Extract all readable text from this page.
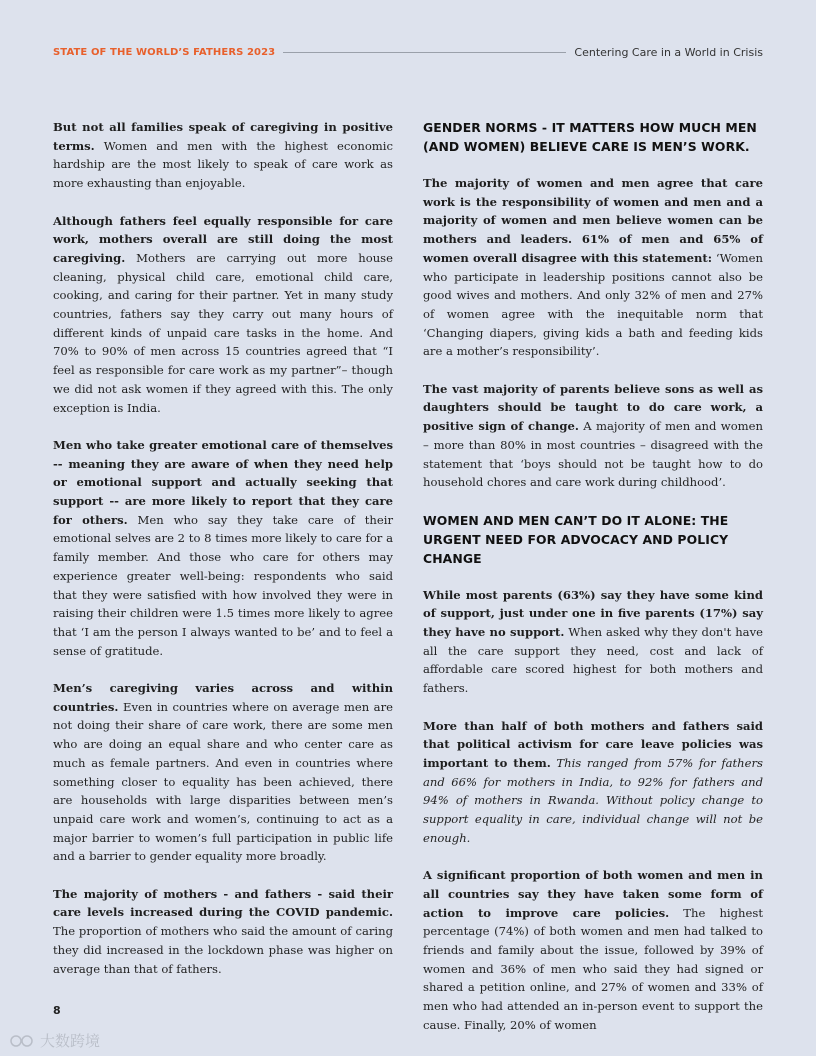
STATE OF THE WORLD’S FATHERS 2023	Centering Care in a World in Crisis

But not all families speak of caregiving in positive terms. Women and men with the highest economic hardship are the most likely to speak of care work as more exhausting than enjoyable.

Although fathers feel equally responsible for care work, mothers overall are still doing the most caregiving. Mothers are carrying out more house cleaning, physical child care, emotional child care, cooking, and caring for their partner. Yet in many study countries, fathers say they carry out many hours of different kinds of unpaid care tasks in the home. And 70% to 90% of men across 15 countries agreed that “I feel as responsible for care work as my partner”– though we did not ask women if they agreed with this. The only exception is India.

Men who take greater emotional care of themselves -- meaning they are aware of when they need help or emotional support and actually seeking that support -- are more likely to report that they care for others. Men who say they take care of their emotional selves are 2 to 8 times more likely to care for a family member. And those who care for others may experience greater well-being: respondents who said that they were satisfied with how involved they were in raising their children were 1.5 times more likely to agree that ‘I am the person I always wanted to be’ and to feel a sense of gratitude.

Men’s caregiving varies across and within countries. Even in countries where on average men are not doing their share of care work, there are some men who are doing an equal share and who center care as much as female partners. And even in countries where something closer to equality has been achieved, there are households with large disparities between men’s unpaid care work and women’s, continuing to act as a major barrier to women’s full participation in public life and a barrier to gender equality more broadly.

The majority of mothers - and fathers - said their care levels increased during the COVID pandemic. The proportion of mothers who said the amount of caring they did increased in the lockdown phase was higher on average than that of fathers.

GENDER NORMS - IT MATTERS HOW MUCH MEN (AND WOMEN) BELIEVE CARE IS MEN’S WORK.

The majority of women and men agree that care work is the responsibility of women and men and a majority of women and men believe women can be mothers and leaders. 61% of men and 65% of women overall disagree with this statement: ‘Women who participate in leadership positions cannot also be good wives and mothers. And only 32% of men and 27% of women agree with the inequitable norm that ‘Changing diapers, giving kids a bath and feeding kids are a mother’s responsibility’.

The vast majority of parents believe sons as well as daughters should be taught to do care work, a positive sign of change. A majority of men and women – more than 80% in most countries – disagreed with the statement that ‘boys should not be taught how to do household chores and care work during childhood’.

WOMEN AND MEN CAN’T DO IT ALONE: THE URGENT NEED FOR ADVOCACY AND POLICY CHANGE

While most parents (63%) say they have some kind of support, just under one in five parents (17%) say they have no support. When asked why they don't have all the care support they need, cost and lack of affordable care scored highest for both mothers and fathers.

More than half of both mothers and fathers said that political activism for care leave policies was important to them. This ranged from 57% for fathers and 66% for mothers in India, to 92% for fathers and 94% of mothers in Rwanda. Without policy change to support equality in care, individual change will not be enough.

A significant proportion of both women and men in all countries say they have taken some form of action to improve care policies. The highest percentage (74%) of both women and men had talked to friends and family about the issue, followed by 39% of women and 36% of men who said they had signed or shared a petition online, and 27% of women and 33% of men who had attended an in-person event to support the cause. Finally, 20% of women

8
大数跨境
